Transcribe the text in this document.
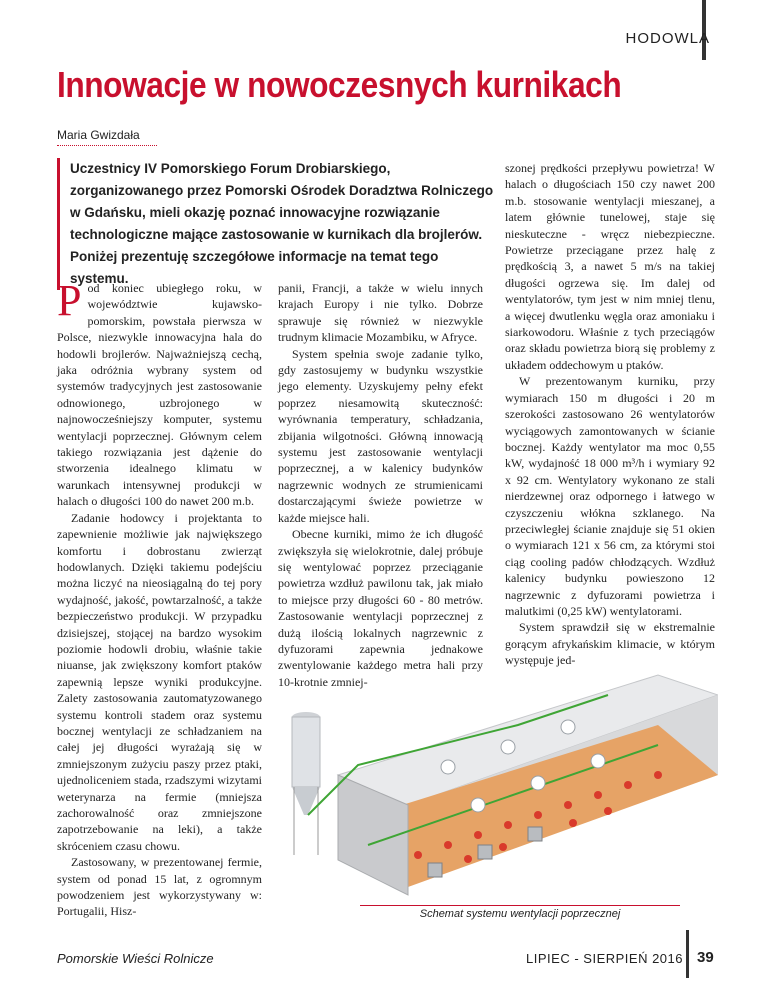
HODOWLA
Innowacje w nowoczesnych kurnikach
Maria Gwizdała
Uczestnicy IV Pomorskiego Forum Drobiarskiego, zorganizowanego przez Pomorski Ośrodek Doradztwa Rolniczego w Gdańsku, mieli okazję poznać innowacyjne rozwiązanie technologiczne mające zastosowanie w kurnikach dla brojlerów. Poniżej prezentuję szczegółowe informacje na temat tego systemu.

Pod koniec ubiegłego roku, w województwie kujawsko-pomorskim, powstała pierwsza w Polsce, niezwykle innowacyjna hala do hodowli brojlerów. Najważniejszą cechą, jaka odróżnia wybrany system od systemów tradycyjnych jest zastosowanie odnowionego, uzbrojonego w najnowocześniejszy komputer, systemu wentylacji poprzecznej. Głównym celem takiego rozwiązania jest dążenie do stworzenia idealnego klimatu w warunkach intensywnej produkcji w halach o długości 100 do nawet 200 m.b.

Zadanie hodowcy i projektanta to zapewnienie możliwie jak największego komfortu i dobrostanu zwierząt hodowlanych. Dzięki takiemu podejściu można liczyć na nieosiągalną do tej pory wydajność, jakość, powtarzalność, a także bezpieczeństwo produkcji. W przypadku dzisiejszej, stojącej na bardzo wysokim poziomie hodowli drobiu, właśnie takie niuanse, jak zwiększony komfort ptaków zapewnią lepsze wyniki produkcyjne. Zalety zastosowania zautomatyzowanego systemu kontroli stadem oraz systemu bocznej wentylacji ze schładzaniem na całej jej długości wyrażają się w zmniejszonym zużyciu paszy przez ptaki, ujednoliceniem stada, rzadszymi wizytami weterynarza na fermie (mniejsza zachorowalność oraz zmniejszone zapotrzebowanie na leki), a także skróceniem czasu chowu.

Zastosowany, w prezentowanej fermie, system od ponad 15 lat, z ogromnym powodzeniem jest wykorzystywany w: Portugalii, Hisz-

panii, Francji, a także w wielu innych krajach Europy i nie tylko. Dobrze sprawuje się również w niezwykle trudnym klimacie Mozambiku, w Afryce.

System spełnia swoje zadanie tylko, gdy zastosujemy w budynku wszystkie jego elementy. Uzyskujemy pełny efekt poprzez niesamowitą skuteczność: wyrównania temperatury, schładzania, zbijania wilgotności. Główną innowacją systemu jest zastosowanie wentylacji poprzecznej, a w kalenicy budynków nagrzewnic wodnych ze strumienicami dostarczającymi świeże powietrze w każde miejsce hali.

Obecne kurniki, mimo że ich długość zwiększyła się wielokrotnie, dalej próbuje się wentylować poprzez przeciąganie powietrza wzdłuż pawilonu tak, jak miało to miejsce przy długości 60 - 80 metrów. Zastosowanie wentylacji poprzecznej z dużą ilością lokalnych nagrzewnic z dyfuzorami zapewnia jednakowe zwentylowanie każdego metra hali przy 10-krotnie zmniej-

szonej prędkości przepływu powietrza! W halach o długościach 150 czy nawet 200 m.b. stosowanie wentylacji mieszanej, a latem głównie tunelowej, staje się nieskuteczne - wręcz niebezpieczne. Powietrze przeciągane przez halę z prędkością 3, a nawet 5 m/s na takiej długości ogrzewa się. Im dalej od wentylatorów, tym jest w nim mniej tlenu, a więcej dwutlenku węgla oraz amoniaku i siarkowodoru. Właśnie z tych przeciągów oraz składu powietrza biorą się problemy z układem oddechowym u ptaków.

W prezentowanym kurniku, przy wymiarach 150 m długości i 20 m szerokości zastosowano 26 wentylatorów wyciągowych zamontowanych w ścianie bocznej. Każdy wentylator ma moc 0,55 kW, wydajność 18 000 m³/h i wymiary 92 x 92 cm. Wentylatory wykonano ze stali nierdzewnej oraz odpornego i łatwego w czyszczeniu włókna szklanego. Na przeciwległej ścianie znajduje się 51 okien o wymiarach 121 x 56 cm, za którymi stoi ciąg cooling padów chłodzących. Wzdłuż kalenicy budynku powieszono 12 nagrzewnic z dyfuzorami powietrza i malutkimi (0,25 kW) wentylatorami.

System sprawdził się w ekstremalnie gorącym afrykańskim klimacie, w którym występuje jed-

Schemat systemu wentylacji poprzecznej
Pomorskie Wieści Rolnicze	LIPIEC - SIERPIEŃ 2016 39
